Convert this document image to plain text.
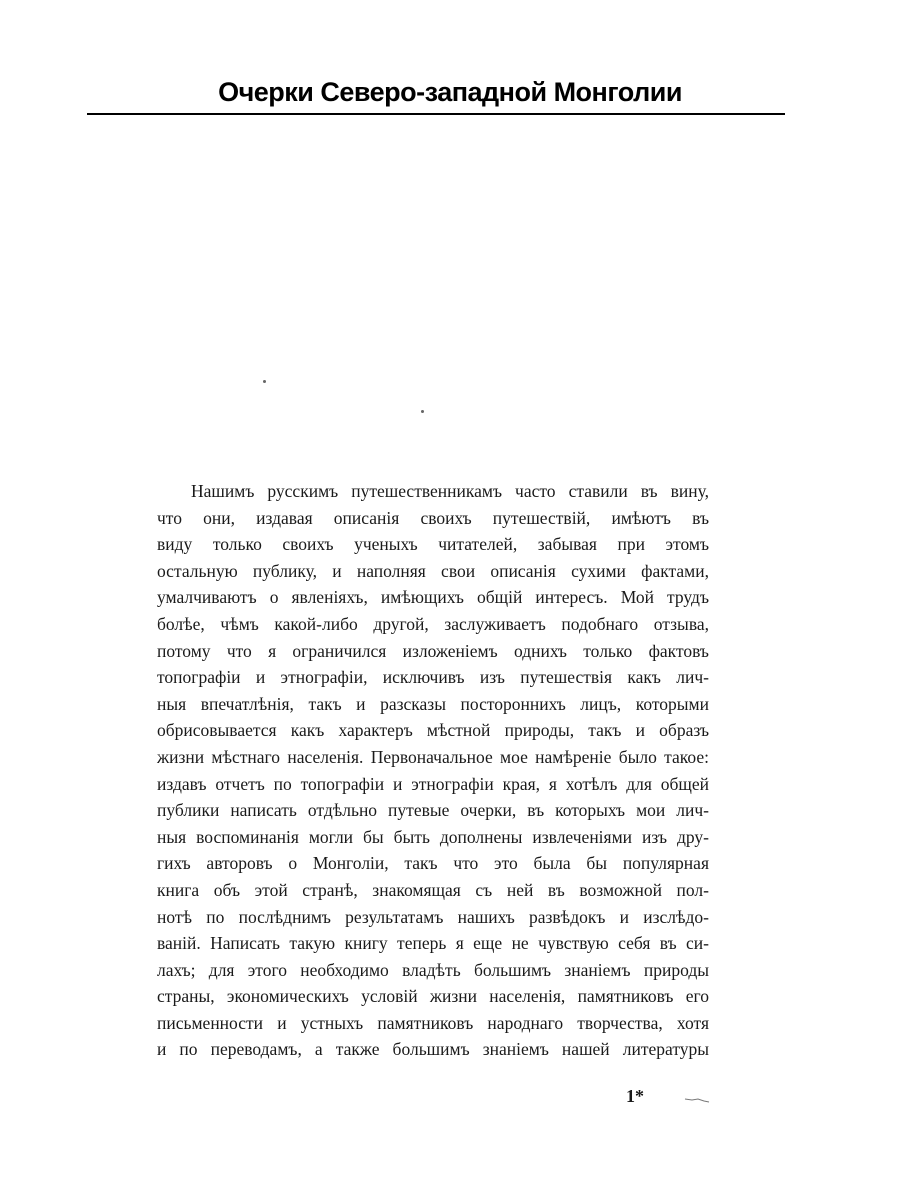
Очерки Северо-западной Монголии
Нашимъ русскимъ путешественникамъ часто ставили въ вину,
что они, издавая описанія своихъ путешествій, имѣютъ въ
виду только своихъ ученыхъ читателей, забывая при этомъ
остальную публику, и наполняя свои описанія сухими фактами,
умалчиваютъ о явленіяхъ, имѣющихъ общій интересъ. Мой трудъ
болѣе, чѣмъ какой-либо другой, заслуживаетъ подобнаго отзыва,
потому что я ограничился изложеніемъ однихъ только фактовъ
топографіи и этнографіи, исключивъ изъ путешествія какъ лич-
ныя впечатлѣнія, такъ и разсказы постороннихъ лицъ, которыми
обрисовывается какъ характеръ мѣстной природы, такъ и образъ
жизни мѣстнаго населенія. Первоначальное мое намѣреніе было такое:
издавъ отчетъ по топографіи и этнографіи края, я хотѣлъ для общей
публики написать отдѣльно путевые очерки, въ которыхъ мои лич-
ныя воспоминанія могли бы быть дополнены извлеченіями изъ дру-
гихъ авторовъ о Монголіи, такъ что это была бы популярная
книга объ этой странѣ, знакомящая съ ней въ возможной пол-
нотѣ по послѣднимъ результатамъ нашихъ развѣдокъ и изслѣдо-
ваній. Написать такую книгу теперь я еще не чувствую себя въ си-
лахъ; для этого необходимо владѣть большимъ знаніемъ природы
страны, экономическихъ условій жизни населенія, памятниковъ его
письменности и устныхъ памятниковъ народнаго творчества, хотя
и по переводамъ, а также большимъ знаніемъ нашей литературы
1*
